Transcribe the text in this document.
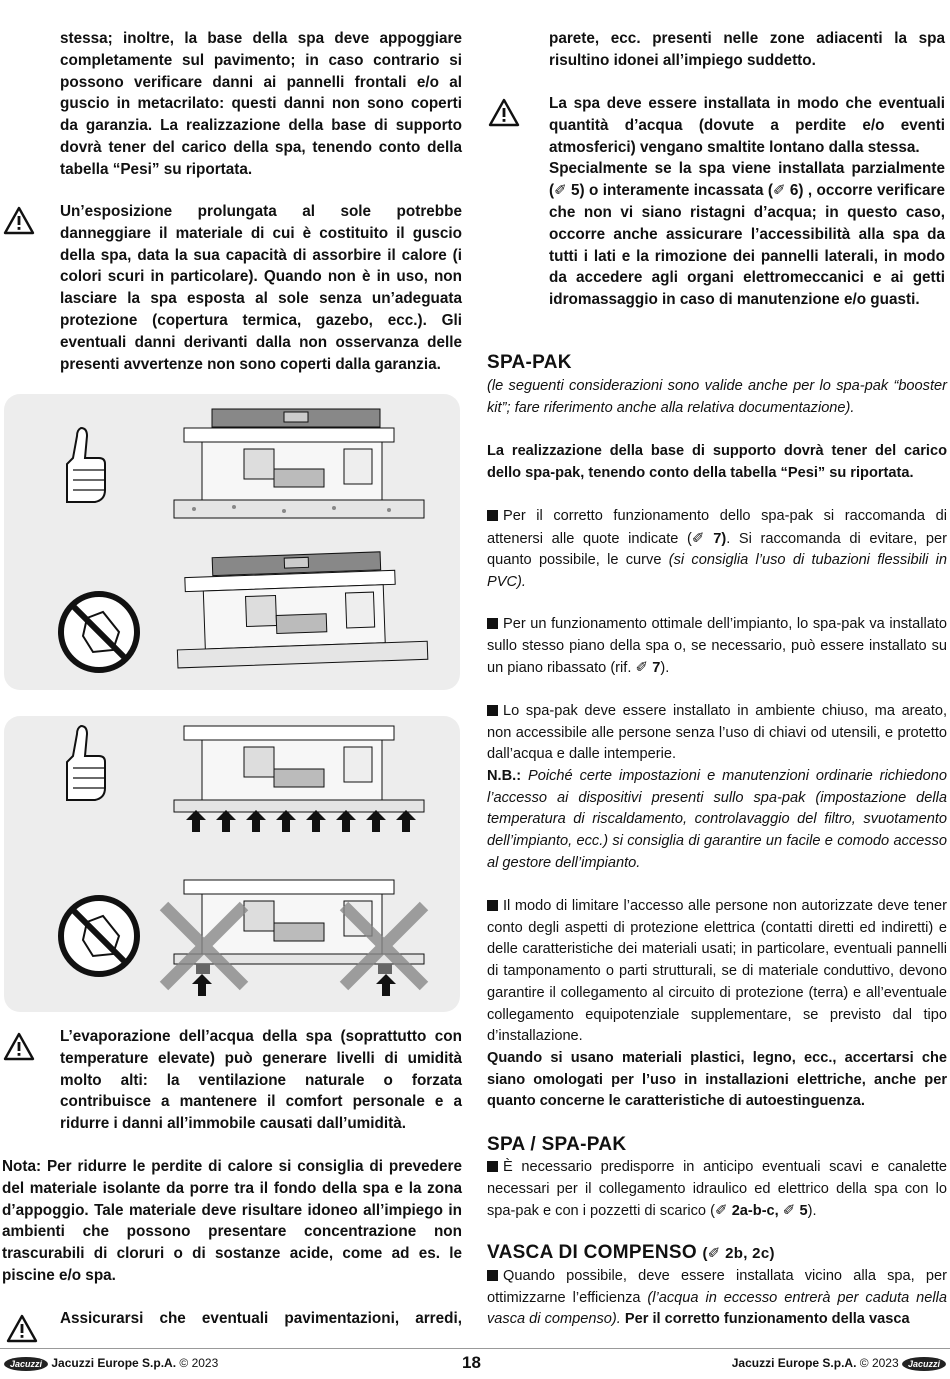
stessa; inoltre, la base della spa deve appoggiare completamente sul pavimento; in caso contrario si possono verificare danni ai pannelli frontali e/o al guscio in metacrilato: questi danni non sono coperti da garanzia. La realizzazione della base di supporto dovrà tener del carico della spa, tenendo conto della tabella “Pesi” su riportata.

Un’esposizione prolungata al sole potrebbe danneggiare il materiale di cui è costituito il guscio della spa, data la sua capacità di assorbire il calore (i colori scuri in particolare). Quando non è in uso, non lasciare la spa esposta al sole senza un’adeguata protezione (copertura termica, gazebo, ecc.). Gli eventuali danni derivanti dalla non osservanza delle presenti avvertenze non sono coperti dalla garanzia.

L’evaporazione dell’acqua della spa (soprattutto con temperature elevate) può generare livelli di umidità molto alti: la ventilazione naturale o forzata contribuisce a mantenere il comfort personale e a ridurre i danni all’immobile causati dall’umidità.

Nota: Per ridurre le perdite di calore si consiglia di prevedere del materiale isolante da porre tra il fondo della spa e la zona d’appoggio. Tale materiale deve risultare idoneo all’impiego in ambienti che possono presentare concentrazione non trascurabili di cloruri o di sostanze acide, come ad es. le piscine e/o spa.

Assicurarsi che eventuali pavimentazioni, arredi,

parete, ecc. presenti nelle zone adiacenti la spa risultino idonei all’impiego suddetto.

La spa deve essere installata in modo che eventuali quantità d’acqua (dovute a perdite e/o eventi atmosferici) vengano smaltite lontano dalla stessa.

Specialmente se la spa viene installata parzialmente (✐ 5) o interamente incassata (✐ 6) , occorre verificare che non vi siano ristagni d’acqua; in questo caso, occorre anche assicurare l’accessibilità alla spa da tutti i lati e la rimozione dei pannelli laterali, in modo da accedere agli organi elettromeccanici e ai getti idromassaggio in caso di manutenzione e/o guasti.

SPA-PAK

(le seguenti considerazioni sono valide anche per lo spa-pak “booster kit”; fare riferimento anche alla relativa documentazione).

La realizzazione della base di supporto dovrà tener del carico dello spa-pak, tenendo conto della tabella “Pesi” su riportata.

Per il corretto funzionamento dello spa-pak si raccomanda di attenersi alle quote indicate (✐ 7). Si raccomanda di evitare, per quanto possibile, le curve (si consiglia l’uso di tubazioni flessibili in PVC).

Per un funzionamento ottimale dell’impianto, lo spa-pak va installato sullo stesso piano della spa o, se necessario, può essere installato su un piano ribassato (rif. ✐ 7).

Lo spa-pak deve essere installato in ambiente chiuso, ma areato, non accessibile alle persone senza l’uso di chiavi od utensili, e protetto dall’acqua e dalle intemperie.

N.B.: Poiché certe impostazioni e manutenzioni ordinarie richiedono l’accesso ai dispositivi presenti sullo spa-pak (impostazione della temperatura di riscaldamento, controlavaggio del filtro, svuotamento dell’impianto, ecc.) si consiglia di garantire un facile e comodo accesso al gestore dell’impianto.

Il modo di limitare l’accesso alle persone non autorizzate deve tener conto degli aspetti di protezione elettrica (contatti diretti ed indiretti) e delle caratteristiche dei materiali usati; in particolare, eventuali pannelli di tamponamento o parti strutturali, se di materiale conduttivo, devono garantire il collegamento al circuito di protezione (terra) e all’eventuale collegamento equipotenziale supplementare, se previsto dal tipo d’installazione.

Quando si usano materiali plastici, legno, ecc., accertarsi che siano omologati per l’uso in installazioni elettriche, anche per quanto concerne le caratteristiche di autoestinguenza.

SPA / SPA-PAK

È necessario predisporre in anticipo eventuali scavi e canalette necessari per il collegamento idraulico ed elettrico della spa con lo spa-pak e con i pozzetti di scarico (✐ 2a-b-c, ✐ 5).

VASCA DI COMPENSO (✐ 2b, 2c)

Quando possibile, deve essere installata vicino alla spa, per ottimizzarne l’efficienza (l’acqua in eccesso entrerà per caduta nella vasca di compenso). Per il corretto funzionamento della vasca

Jacuzzi Jacuzzi Europe S.p.A. © 2023	18	Jacuzzi Europe S.p.A. © 2023 Jacuzzi
